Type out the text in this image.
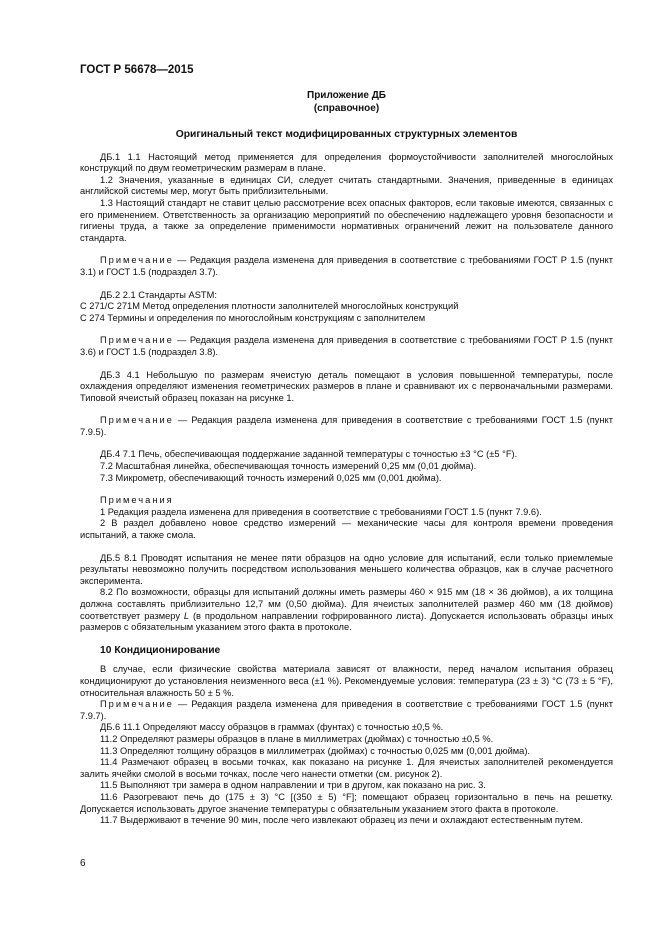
ГОСТ Р 56678—2015
Приложение ДБ
(справочное)
Оригинальный текст модифицированных структурных элементов

ДБ.1 1.1 Настоящий метод применяется для определения формоустойчивости заполнителей многослойных конструкций по двум геометрическим размерам в плане.

1.2 Значения, указанные в единицах СИ, следует считать стандартными. Значения, приведенные в единицах английской системы мер, могут быть приблизительными.

1.3 Настоящий стандарт не ставит целью рассмотрение всех опасных факторов, если таковые имеются, связанных с его применением. Ответственность за организацию мероприятий по обеспечению надлежащего уровня безопасности и гигиены труда, а также за определение применимости нормативных ограничений лежит на пользователе данного стандарта.

Примечание — Редакция раздела изменена для приведения в соответствие с требованиями ГОСТ Р 1.5 (пункт 3.1) и ГОСТ 1.5 (подраздел 3.7).

ДБ.2 2.1 Стандарты ASTM:

С 271/С 271М Метод определения плотности заполнителей многослойных конструкций

С 274 Термины и определения по многослойным конструкциям с заполнителем

Примечание — Редакция раздела изменена для приведения в соответствие с требованиями ГОСТ Р 1.5 (пункт 3.6) и ГОСТ 1.5 (подраздел 3.8).

ДБ.3 4.1 Небольшую по размерам ячеистую деталь помещают в условия повышенной температуры, после охлаждения определяют изменения геометрических размеров в плане и сравнивают их с первоначальными размерами. Типовой ячеистый образец показан на рисунке 1.

Примечание — Редакция раздела изменена для приведения в соответствие с требованиями ГОСТ 1.5 (пункт 7.9.5).

ДБ.4 7.1 Печь, обеспечивающая поддержание заданной температуры с точностью ±3 °C (±5 °F).

7.2 Масштабная линейка, обеспечивающая точность измерений 0,25 мм (0,01 дюйма).

7.3 Микрометр, обеспечивающий точность измерений 0,025 мм (0,001 дюйма).

Примечания

1 Редакция раздела изменена для приведения в соответствие с требованиями ГОСТ 1.5 (пункт 7.9.6).

2 В раздел добавлено новое средство измерений — механические часы для контроля времени проведения испытаний, а также смола.

ДБ.5 8.1 Проводят испытания не менее пяти образцов на одно условие для испытаний, если только приемлемые результаты невозможно получить посредством использования меньшего количества образцов, как в случае расчетного эксперимента.

8.2 По возможности, образцы для испытаний должны иметь размеры 460 × 915 мм (18 × 36 дюймов), а их толщина должна составлять приблизительно 12,7 мм (0,50 дюйма). Для ячеистых заполнителей размер 460 мм (18 дюймов) соответствует размеру L (в продольном направлении гофрированного листа). Допускается использовать образцы иных размеров с обязательным указанием этого факта в протоколе.

10 Кондиционирование

В случае, если физические свойства материала зависят от влажности, перед началом испытания образец кондиционируют до установления неизменного веса (±1 %). Рекомендуемые условия: температура (23 ± 3) °C (73 ± 5 °F), относительная влажность 50 ± 5 %.

Примечание — Редакция раздела изменена для приведения в соответствие с требованиями ГОСТ 1.5 (пункт 7.9.7).

ДБ.6 11.1 Определяют массу образцов в граммах (фунтах) с точностью ±0,5 %.

11.2 Определяют размеры образцов в плане в миллиметрах (дюймах) с точностью ±0,5 %.

11.3 Определяют толщину образцов в миллиметрах (дюймах) с точностью 0,025 мм (0,001 дюйма).

11.4 Размечают образец в восьми точках, как показано на рисунке 1. Для ячеистых заполнителей рекомендуется залить ячейки смолой в восьми точках, после чего нанести отметки (см. рисунок 2).

11.5 Выполняют три замера в одном направлении и три в другом, как показано на рис. 3.

11.6 Разогревают печь до (175 ± 3) °C [(350 ± 5) °F]; помещают образец горизонтально в печь на решетку. Допускается использовать другое значение температуры с обязательным указанием этого факта в протоколе.

11.7 Выдерживают в течение 90 мин, после чего извлекают образец из печи и охлаждают естественным путем.

6
